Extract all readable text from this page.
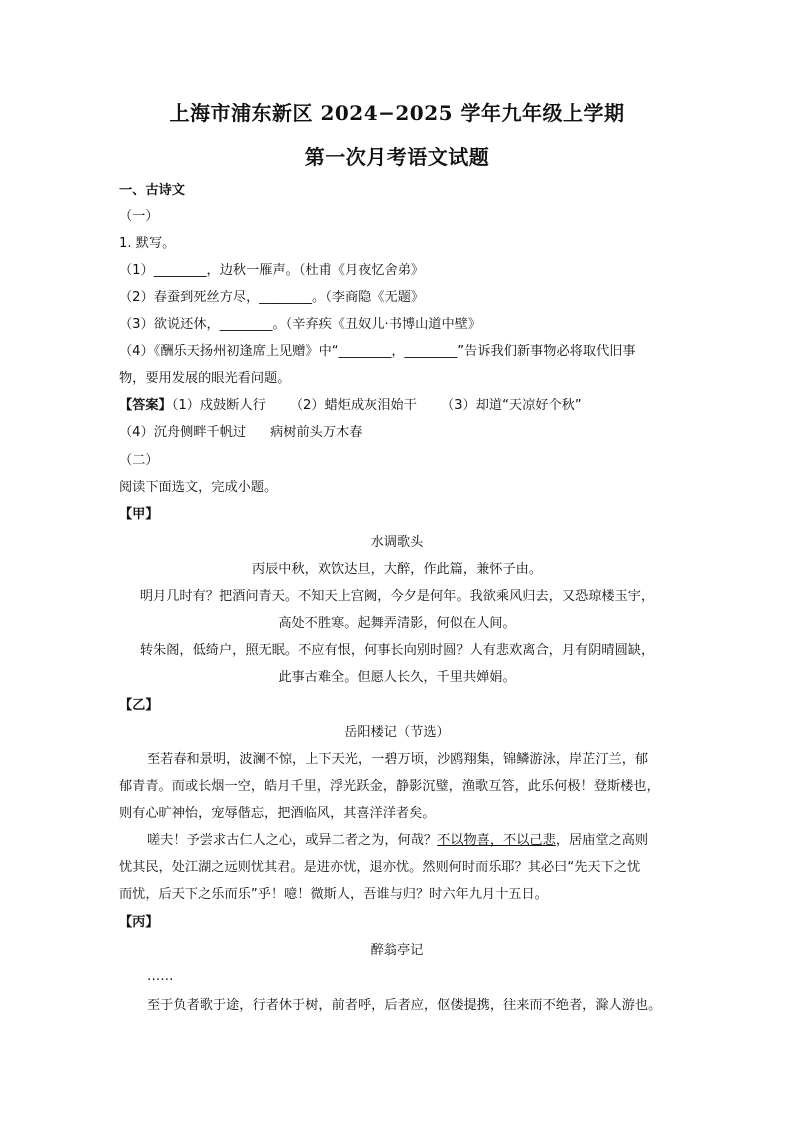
上海市浦东新区 2024−2025 学年九年级上学期
第一次月考语文试题
一、古诗文
（一）
1. 默写。
（1）________，边秋一雁声。（杜甫《月夜忆舍弟》
（2）春蚕到死丝方尽，________。（李商隐《无题》
（3）欲说还休，________。（辛弃疾《丑奴儿·书博山道中壁》
（4）《酬乐天扬州初逢席上见赠》中“________，________”告诉我们新事物必将取代旧事
物，要用发展的眼光看问题。
【答案】（1）戍鼓断人行 （2）蜡炬成灰泪始干 （3）却道“天凉好个秋”
（4）沉舟侧畔千帆过 病树前头万木春
（二）
阅读下面选文，完成小题。
【甲】
水调歌头
丙辰中秋，欢饮达旦，大醉，作此篇，兼怀子由。
明月几时有？把酒问青天。不知天上宫阙，今夕是何年。我欲乘风归去，又恐琼楼玉宇，
高处不胜寒。起舞弄清影，何似在人间。
转朱阁，低绮户，照无眠。不应有恨，何事长向别时圆？人有悲欢离合，月有阴晴圆缺，
此事古难全。但愿人长久，千里共婵娟。
【乙】
岳阳楼记（节选）
至若春和景明，波澜不惊，上下天光，一碧万顷，沙鸥翔集，锦鳞游泳，岸芷汀兰，郁
郁青青。而或长烟一空，皓月千里，浮光跃金，静影沉璧，渔歌互答，此乐何极！登斯楼也，
则有心旷神怡，宠辱偕忘，把酒临风，其喜洋洋者矣。
嗟夫！予尝求古仁人之心，或异二者之为，何哉？不以物喜，不以己悲，居庙堂之高则
忧其民，处江湖之远则忧其君。是进亦忧，退亦忧。然则何时而乐耶？其必曰“先天下之忧
而忧，后天下之乐而乐”乎！噫！微斯人，吾谁与归？时六年九月十五日。
【丙】
醉翁亭记
……
至于负者歌于途，行者休于树，前者呼，后者应，伛偻提携，往来而不绝者，滁人游也。
